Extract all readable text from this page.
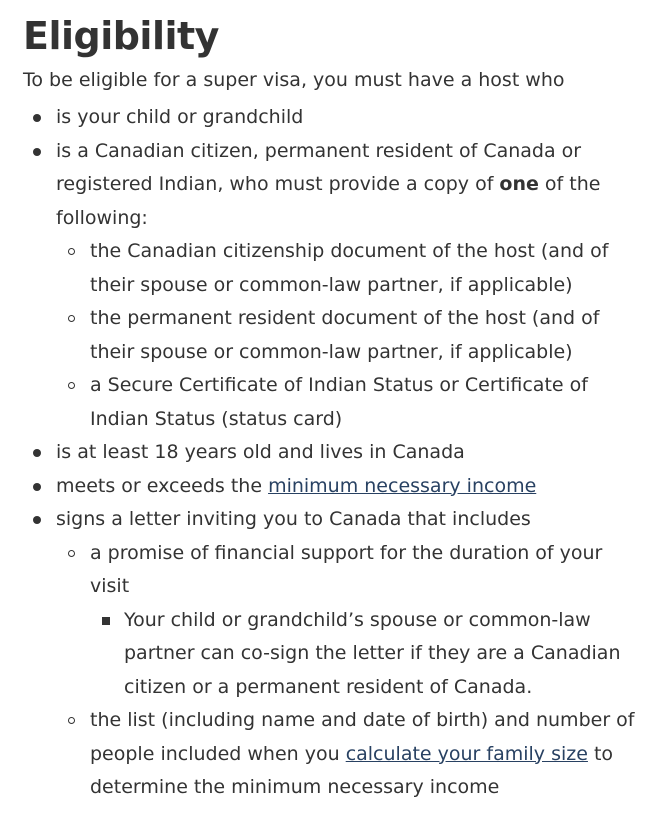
Eligibility

To be eligible for a super visa, you must have a host who

is your child or grandchild
is a Canadian citizen, permanent resident of Canada or registered Indian, who must provide a copy of one of the following:
the Canadian citizenship document of the host (and of their spouse or common-law partner, if applicable)
the permanent resident document of the host (and of their spouse or common-law partner, if applicable)
a Secure Certificate of Indian Status or Certificate of Indian Status (status card)
is at least 18 years old and lives in Canada
meets or exceeds the minimum necessary income
signs a letter inviting you to Canada that includes
a promise of financial support for the duration of your visit
Your child or grandchild’s spouse or common-law partner can co-sign the letter if they are a Canadian citizen or a permanent resident of Canada.
the list (including name and date of birth) and number of people included when you calculate your family size to determine the minimum necessary income
